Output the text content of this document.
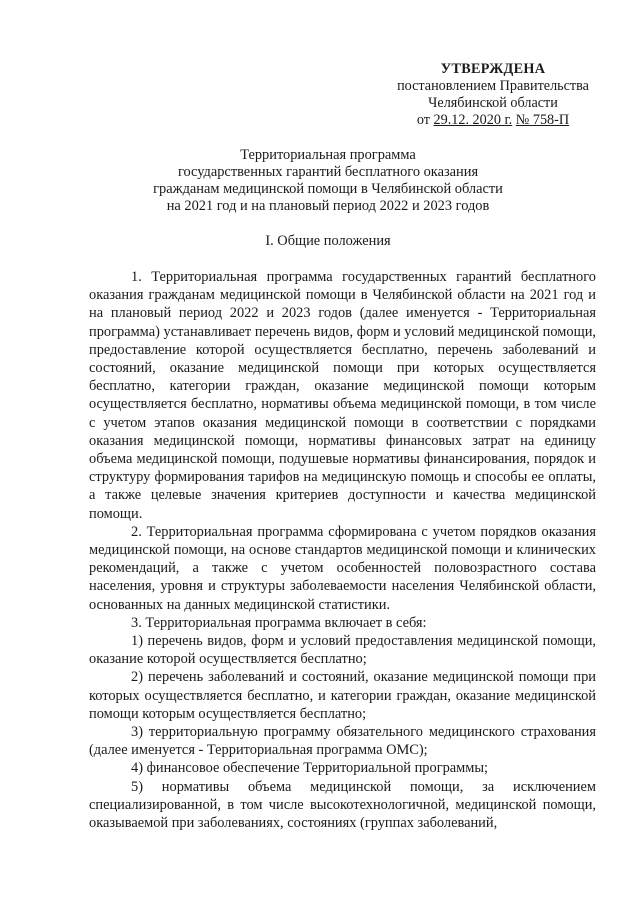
УТВЕРЖДЕНА
постановлением Правительства
Челябинской области
от 29.12. 2020 г. № 758-П
Территориальная программа
государственных гарантий бесплатного оказания
гражданам медицинской помощи в Челябинской области
на 2021 год и на плановый период 2022 и 2023 годов
I. Общие положения

1. Территориальная программа государственных гарантий бесплатного оказания гражданам медицинской помощи в Челябинской области на 2021 год и на плановый период 2022 и 2023 годов (далее именуется - Территориальная программа) устанавливает перечень видов, форм и условий медицинской помощи, предоставление которой осуществляется бесплатно, перечень заболеваний и состояний, оказание медицинской помощи при которых осуществляется бесплатно, категории граждан, оказание медицинской помощи которым осуществляется бесплатно, нормативы объема медицинской помощи, в том числе с учетом этапов оказания медицинской помощи в соответствии с порядками оказания медицинской помощи, нормативы финансовых затрат на единицу объема медицинской помощи, подушевые нормативы финансирования, порядок и структуру формирования тарифов на медицинскую помощь и способы ее оплаты, а также целевые значения критериев доступности и качества медицинской помощи.

2. Территориальная программа сформирована с учетом порядков оказания медицинской помощи, на основе стандартов медицинской помощи и клинических рекомендаций, а также с учетом особенностей половозрастного состава населения, уровня и структуры заболеваемости населения Челябинской области, основанных на данных медицинской статистики.

3. Территориальная программа включает в себя:

1) перечень видов, форм и условий предоставления медицинской помощи, оказание которой осуществляется бесплатно;

2) перечень заболеваний и состояний, оказание медицинской помощи при которых осуществляется бесплатно, и категории граждан, оказание медицинской помощи которым осуществляется бесплатно;

3) территориальную программу обязательного медицинского страхования (далее именуется - Территориальная программа ОМС);

4) финансовое обеспечение Территориальной программы;

5) нормативы объема медицинской помощи, за исключением специализированной, в том числе высокотехнологичной, медицинской помощи, оказываемой при заболеваниях, состояниях (группах заболеваний,
